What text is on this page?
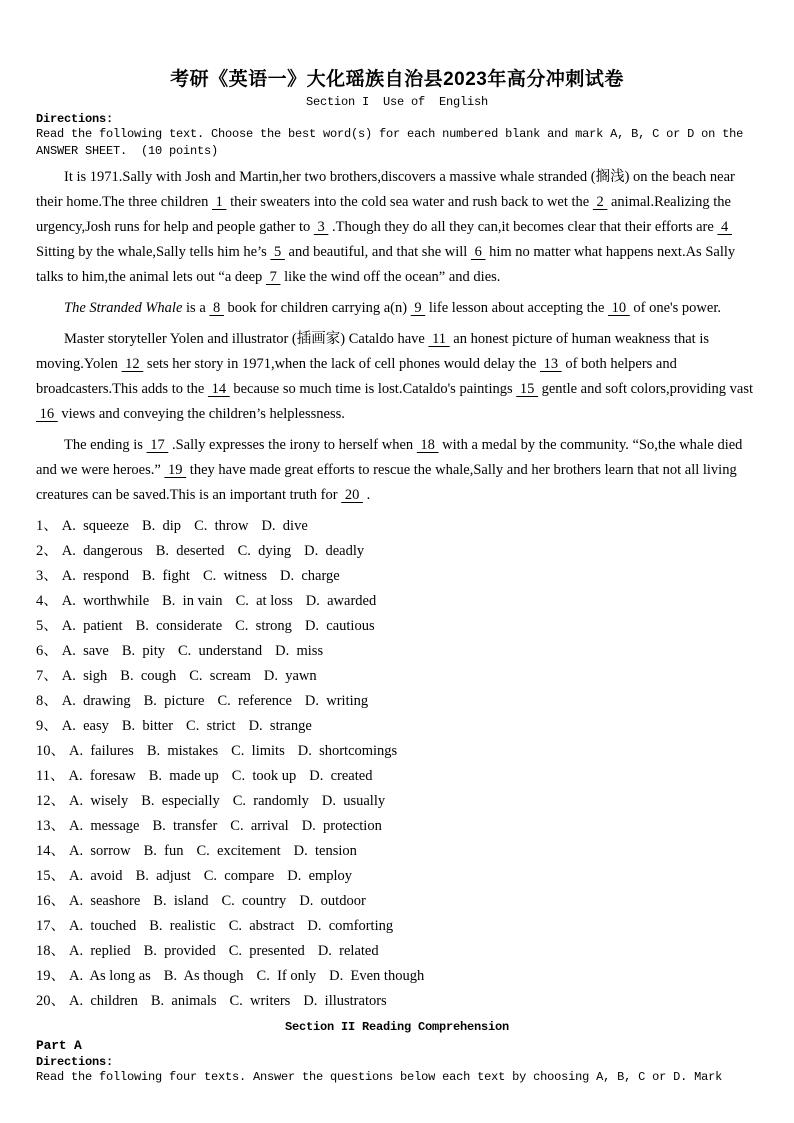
考研《英语一》大化瑶族自治县2023年高分冲刺试卷
Section I  Use of  English
Directions:
Read the following text. Choose the best word(s) for each numbered blank and mark A, B, C or D on the ANSWER SHEET.  (10 points)

It is 1971.Sally with Josh and Martin,her two brothers,discovers a massive whale stranded (搁浅) on the beach near their home.The three children  1  their sweaters into the cold sea water and rush back to wet the  2  animal.Realizing the urgency,Josh runs for help and people gather to  3  .Though they do all they can,it becomes clear that their efforts are  4  Sitting by the whale,Sally tells him he’s  5  and beautiful, and that she will  6  him no matter what happens next.As Sally talks to him,the animal lets out “a deep  7  like the wind off the ocean” and dies.

The Stranded Whale is a  8  book for children carrying a(n)  9  life lesson about accepting the  10  of one's power.

Master storyteller Yolen and illustrator (插画家) Cataldo have  11  an honest picture of human weakness that is moving.Yolen  12  sets her story in 1971,when the lack of cell phones would delay the  13  of both helpers and broadcasters.This adds to the  14  because so much time is lost.Cataldo's paintings  15  gentle and soft colors,providing vast  16  views and conveying the children’s helplessness.

The ending is  17  .Sally expresses the irony to herself when  18  with a medal by the community. “So,the whale died and we were heroes.”  19  they have made great efforts to rescue the whale,Sally and her brothers learn that not all living creatures can be saved.This is an important truth for  20  .

1、 A.  squeeze B.  dip C.  throw D.  dive
2、 A.  dangerous B.  deserted C.  dying D.  deadly
3、 A.  respond B.  fight C.  witness D.  charge
4、 A.  worthwhile B.  in vain C.  at loss D.  awarded
5、 A.  patient B.  considerate C.  strong D.  cautious
6、 A.  save B.  pity C.  understand D.  miss
7、 A.  sigh B.  cough C.  scream D.  yawn
8、 A.  drawing B.  picture C.  reference D.  writing
9、 A.  easy B.  bitter C.  strict D.  strange
10、 A.  failures B.  mistakes C.  limits D.  shortcomings
11、 A.  foresaw B.  made up C.  took up D.  created
12、 A.  wisely B.  especially C.  randomly D.  usually
13、 A.  message B.  transfer C.  arrival D.  protection
14、 A.  sorrow B.  fun C.  excitement D.  tension
15、 A.  avoid B.  adjust C.  compare D.  employ
16、 A.  seashore B.  island C.  country D.  outdoor
17、 A.  touched B.  realistic C.  abstract D.  comforting
18、 A.  replied B.  provided C.  presented D.  related
19、 A.  As long as B.  As though C.  If only D.  Even though
20、 A.  children B.  animals C.  writers D.  illustrators
Section II Reading Comprehension
Part A
Directions:
Read the following four texts. Answer the questions below each text by choosing A, B, C or D. Mark
